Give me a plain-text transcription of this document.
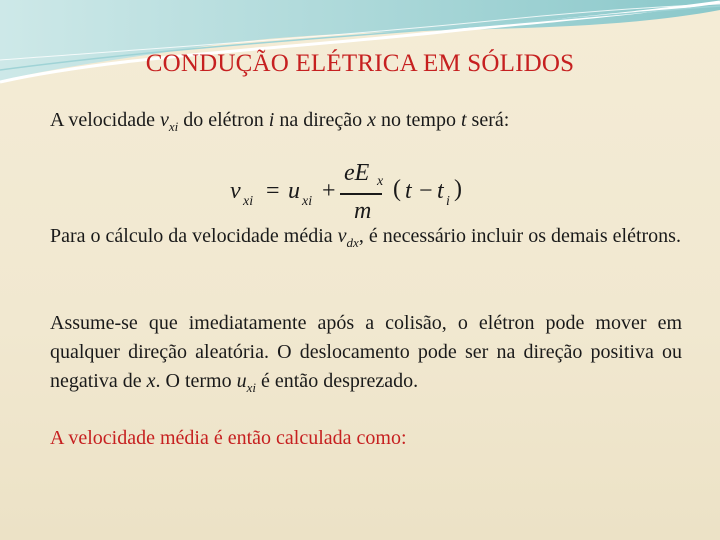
CONDUÇÃO ELÉTRICA EM SÓLIDOS
A velocidade $v_{xi}$ do elétron i na direção x no tempo t será:
v xi = u xi +
eE x
m
( t − t i )
Para o cálculo da velocidade média $v_{dx}$, é necessário incluir os demais elétrons.
Assume-se que imediatamente após a colisão, o elétron pode mover em qualquer direção aleatória. O deslocamento pode ser na direção positiva ou negativa de x. O termo $u_{xi}$ é então desprezado.
A velocidade média é então calculada como:
